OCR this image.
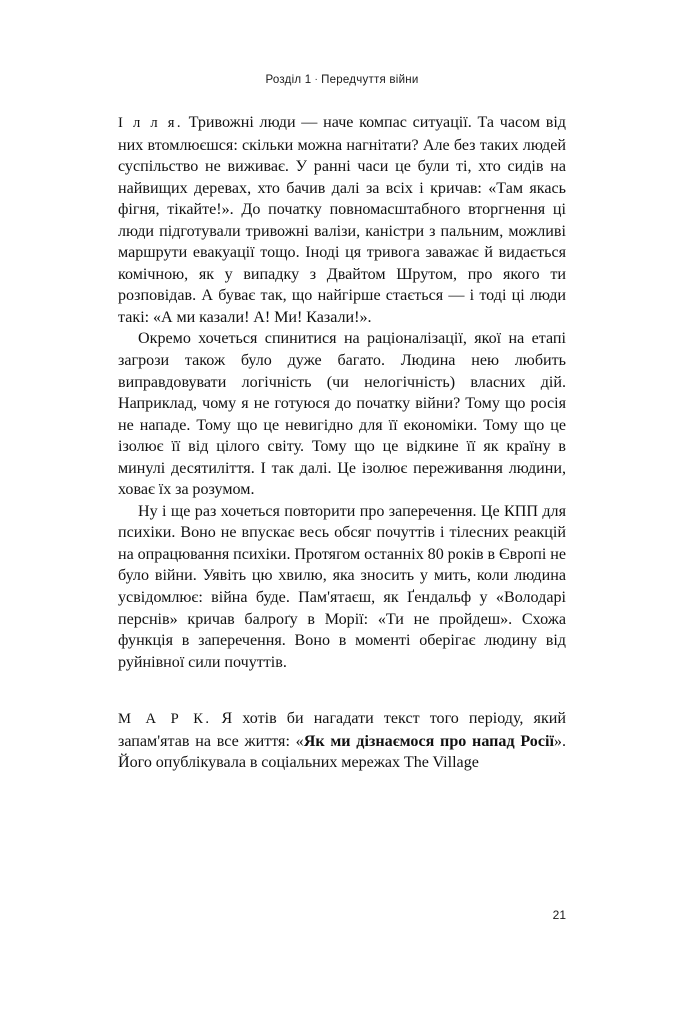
Розділ 1 · Передчуття війни

І л л я. Тривожні люди — наче компас ситуації. Та часом від них втомлюєшся: скільки можна нагнітати? Але без таких людей суспільство не виживає. У ранні часи це були ті, хто сидів на найвищих деревах, хто бачив далі за всіх і кричав: «Там якась фігня, тікайте!». До початку повномасштабного вторгнення ці люди підготували тривожні валізи, каністри з пальним, можливі маршрути евакуації тощо. Іноді ця тривога заважає й видається комічною, як у випадку з Двайтом Шрутом, про якого ти розповідав. А буває так, що найгірше стається — і тоді ці люди такі: «А ми казали! А! Ми! Казали!».

Окремо хочеться спинитися на раціоналізації, якої на етапі загрози також було дуже багато. Людина нею любить виправдовувати логічність (чи нелогічність) власних дій. Наприклад, чому я не готуюся до початку війни? Тому що росія не нападе. Тому що це невигідно для її економіки. Тому що це ізолює її від цілого світу. Тому що це відкине її як країну в минулі десятиліття. І так далі. Це ізолює переживання людини, ховає їх за розумом.

Ну і ще раз хочеться повторити про заперечення. Це КПП для психіки. Воно не впускає весь обсяг почуттів і тілесних реакцій на опрацювання психіки. Протягом останніх 80 років в Європі не було війни. Уявіть цю хвилю, яка зносить у мить, коли людина усвідомлює: війна буде. Пам'ятаєш, як Ґендальф у «Володарі перснів» кричав балроґу в Морії: «Ти не пройдеш». Схожа функція в заперечення. Воно в моменті оберігає людину від руйнівної сили почуттів.

М А Р К. Я хотів би нагадати текст того періоду, який запам'ятав на все життя: «Як ми дізнаємося про напад Росії». Його опублікувала в соціальних мережах The Village

21
